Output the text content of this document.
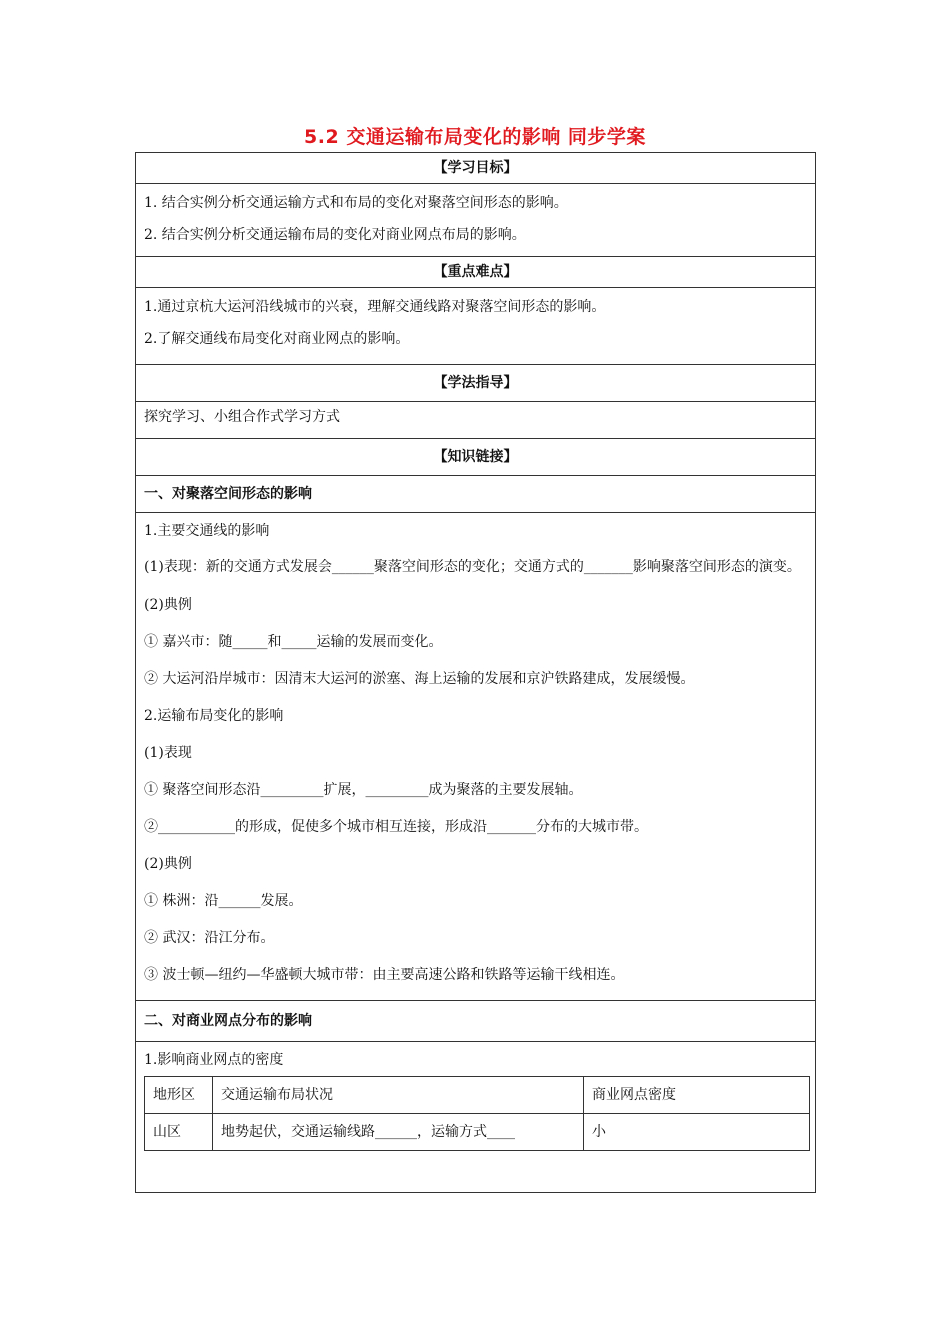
5.2 交通运输布局变化的影响 同步学案
【学习目标】

1. 结合实例分析交通运输方式和布局的变化对聚落空间形态的影响。
2. 结合实例分析交通运输布局的变化对商业网点布局的影响。

【重点难点】

1.通过京杭大运河沿线城市的兴衰，理解交通线路对聚落空间形态的影响。
2.了解交通线布局变化对商业网点的影响。

【学法指导】
探究学习、小组合作式学习方式
【知识链接】
一、对聚落空间形态的影响

1.主要交通线的影响
(1)表现：新的交通方式发展会______聚落空间形态的变化；交通方式的_______影响聚落空间形态的演变。
(2)典例
① 嘉兴市：随_____和_____运输的发展而变化。
② 大运河沿岸城市：因清末大运河的淤塞、海上运输的发展和京沪铁路建成，发展缓慢。
2.运输布局变化的影响
(1)表现
① 聚落空间形态沿_________扩展，_________成为聚落的主要发展轴。
②___________的形成，促使多个城市相互连接，形成沿_______分布的大城市带。
(2)典例
① 株洲：沿______发展。
② 武汉：沿江分布。
③ 波士顿—纽约—华盛顿大城市带：由主要高速公路和铁路等运输干线相连。

二、对商业网点分布的影响

1.影响商业网点的密度
地形区	交通运输布局状况	商业网点密度
山区	地势起伏，交通运输线路______，运输方式____	小
